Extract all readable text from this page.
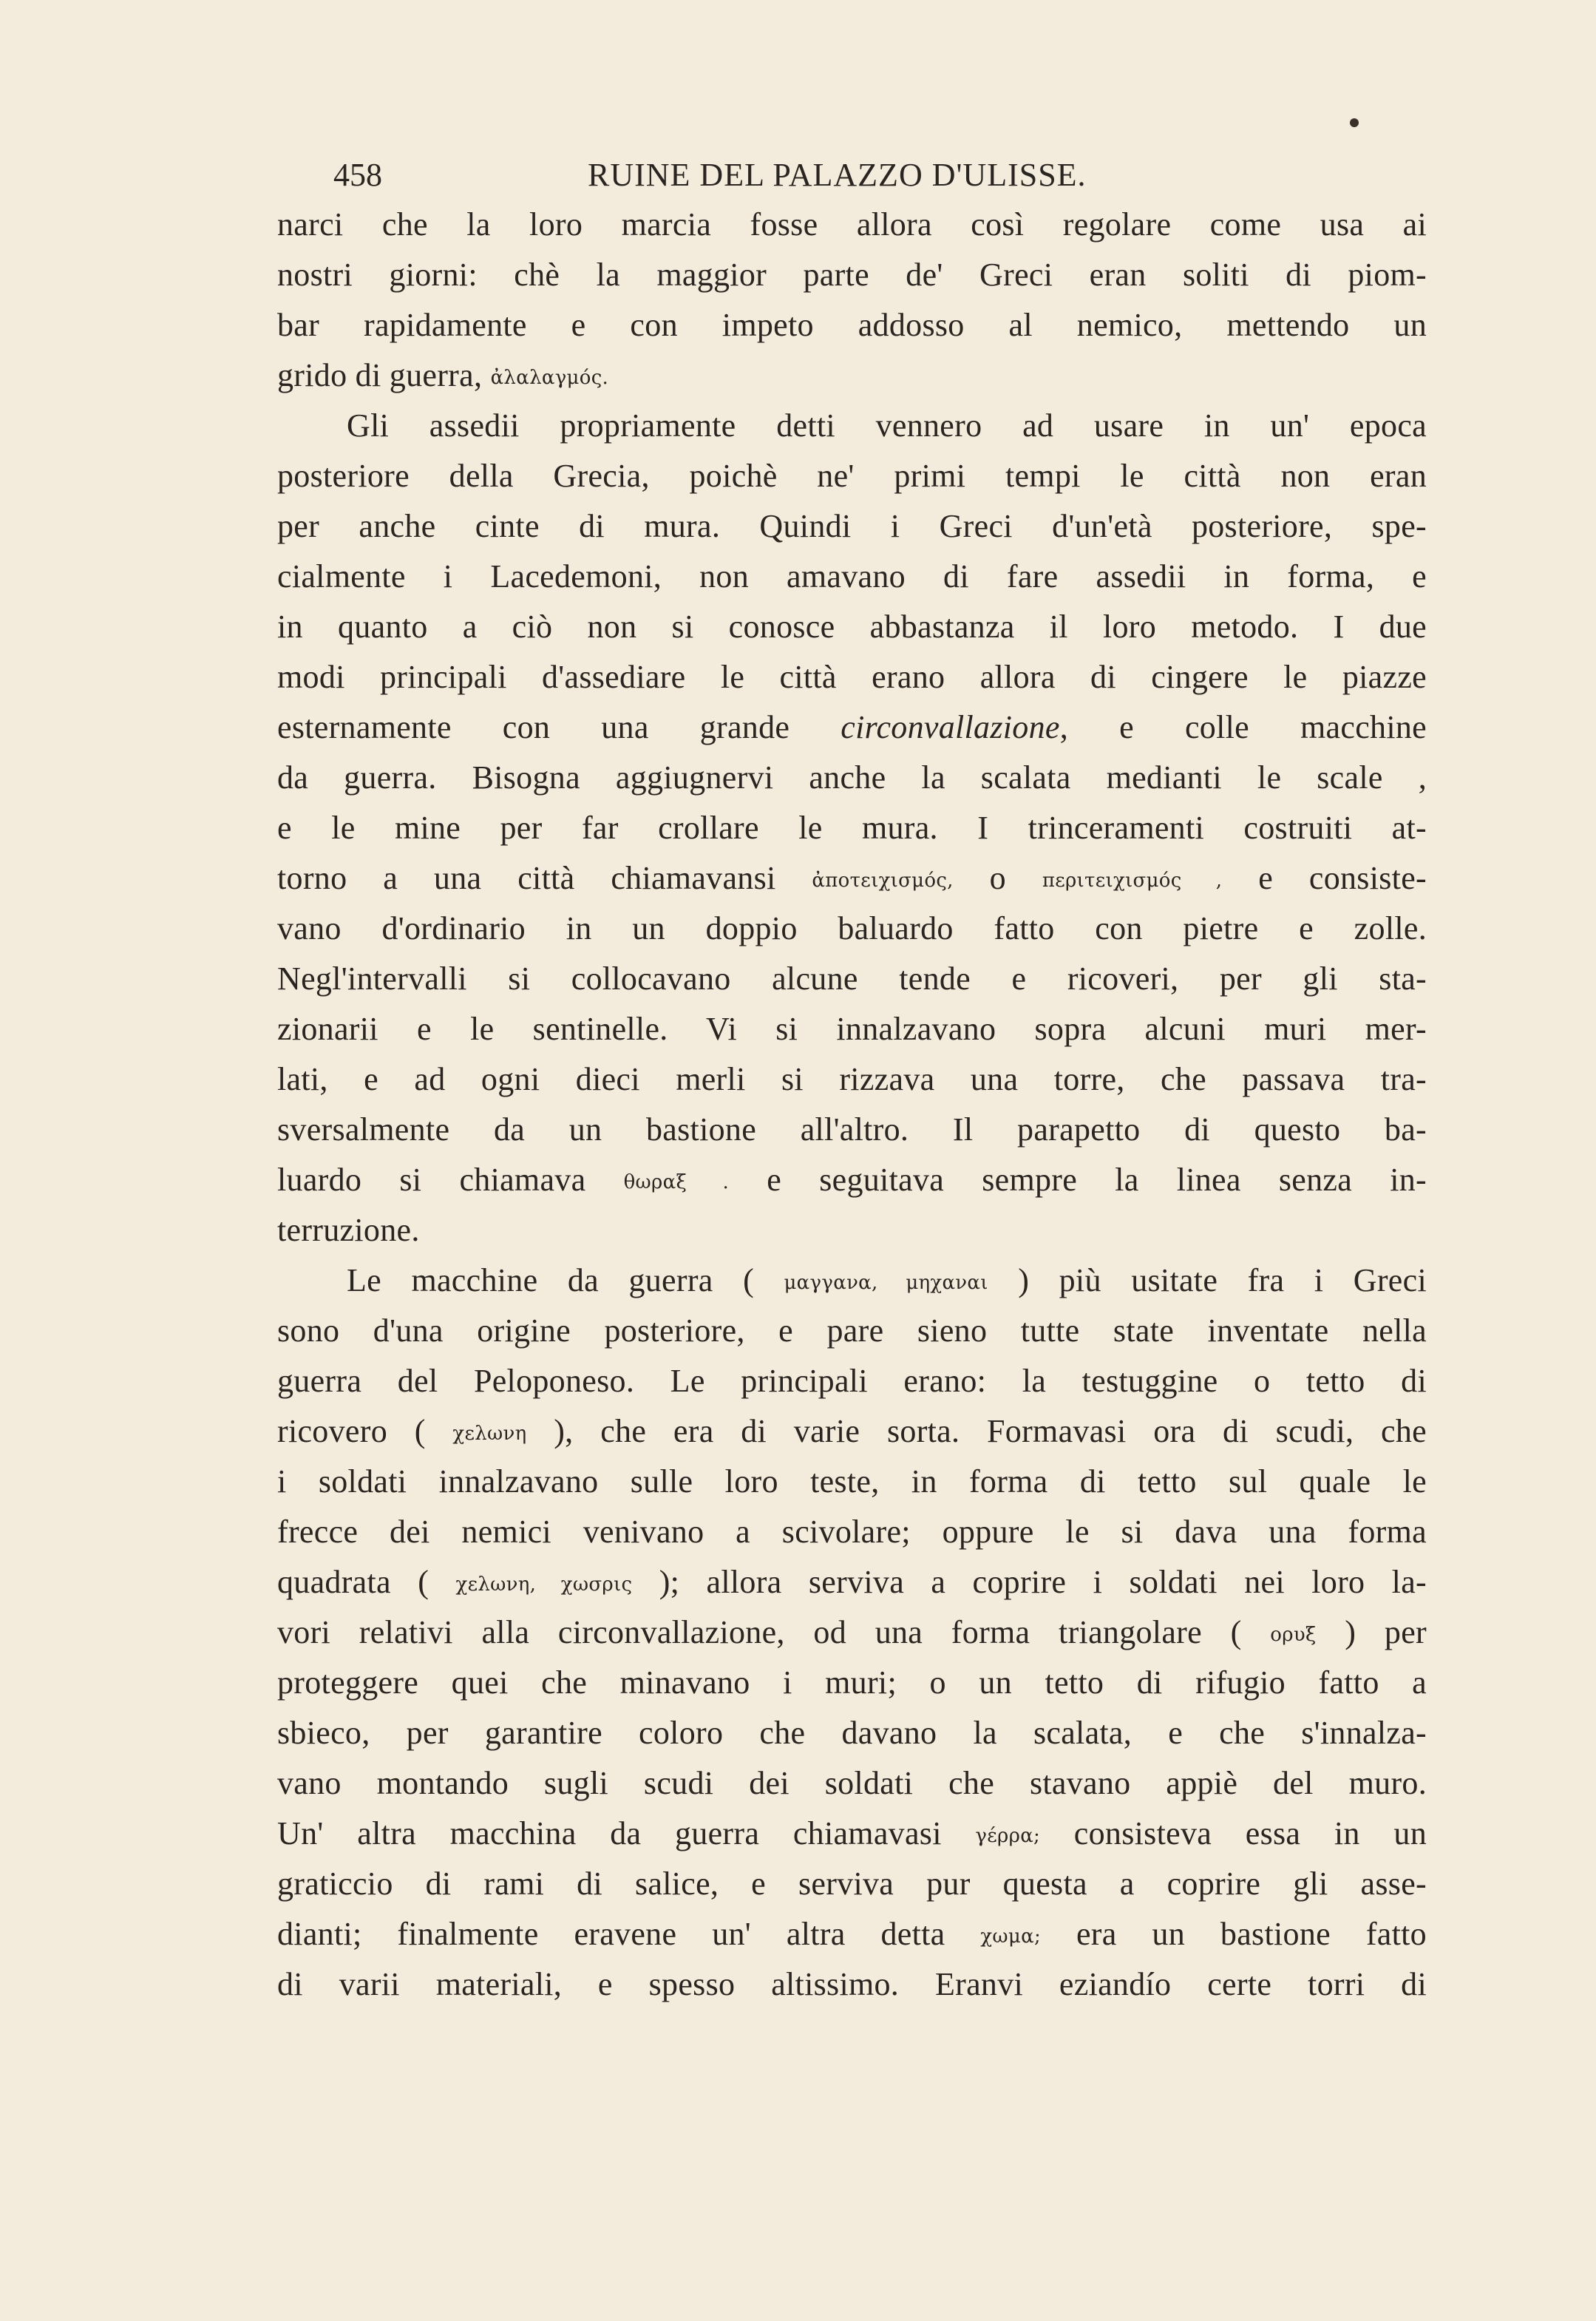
458	RUINE DEL PALAZZO D'ULISSE.
narci che la loro marcia fosse allora così regolare come usa ai
nostri giorni: chè la maggior parte de' Greci eran soliti di piom-
bar rapidamente e con impeto addosso al nemico, mettendo un
grido di guerra, ἀλαλαγμός.
Gli assedii propriamente detti vennero ad usare in un' epoca
posteriore della Grecia, poichè ne' primi tempi le città non eran
per anche cinte di mura. Quindi i Greci d'un'età posteriore, spe-
cialmente i Lacedemoni, non amavano di fare assedii in forma, e
in quanto a ciò non si conosce abbastanza il loro metodo. I due
modi principali d'assediare le città erano allora di cingere le piazze
esternamente con una grande circonvallazione, e colle macchine
da guerra. Bisogna aggiugnervi anche la scalata medianti le scale ,
e le mine per far crollare le mura. I trinceramenti costruiti at-
torno a una città chiamavansi ἀποτειχισμός, o περιτειχισμός , e consiste-
vano d'ordinario in un doppio baluardo fatto con pietre e zolle.
Negl'intervalli si collocavano alcune tende e ricoveri, per gli sta-
zionarii e le sentinelle. Vi si innalzavano sopra alcuni muri mer-
lati, e ad ogni dieci merli si rizzava una torre, che passava tra-
sversalmente da un bastione all'altro. Il parapetto di questo ba-
luardo si chiamava θωραξ . e seguitava sempre la linea senza in-
terruzione.
Le macchine da guerra ( μαγγανα, μηχαναι ) più usitate fra i Greci
sono d'una origine posteriore, e pare sieno tutte state inventate nella
guerra del Peloponeso. Le principali erano: la testuggine o tetto di
ricovero ( χελωνη ), che era di varie sorta. Formavasi ora di scudi, che
i soldati innalzavano sulle loro teste, in forma di tetto sul quale le
frecce dei nemici venivano a scivolare; oppure le si dava una forma
quadrata ( χελωνη, χωσρις ); allora serviva a coprire i soldati nei loro la-
vori relativi alla circonvallazione, od una forma triangolare ( ορυξ ) per
proteggere quei che minavano i muri; o un tetto di rifugio fatto a
sbieco, per garantire coloro che davano la scalata, e che s'innalza-
vano montando sugli scudi dei soldati che stavano appiè del muro.
Un' altra macchina da guerra chiamavasi γέρρα; consisteva essa in un
graticcio di rami di salice, e serviva pur questa a coprire gli asse-
dianti; finalmente eravene un' altra detta χωμα; era un bastione fatto
di varii materiali, e spesso altissimo. Eranvi eziandío certe torri di
